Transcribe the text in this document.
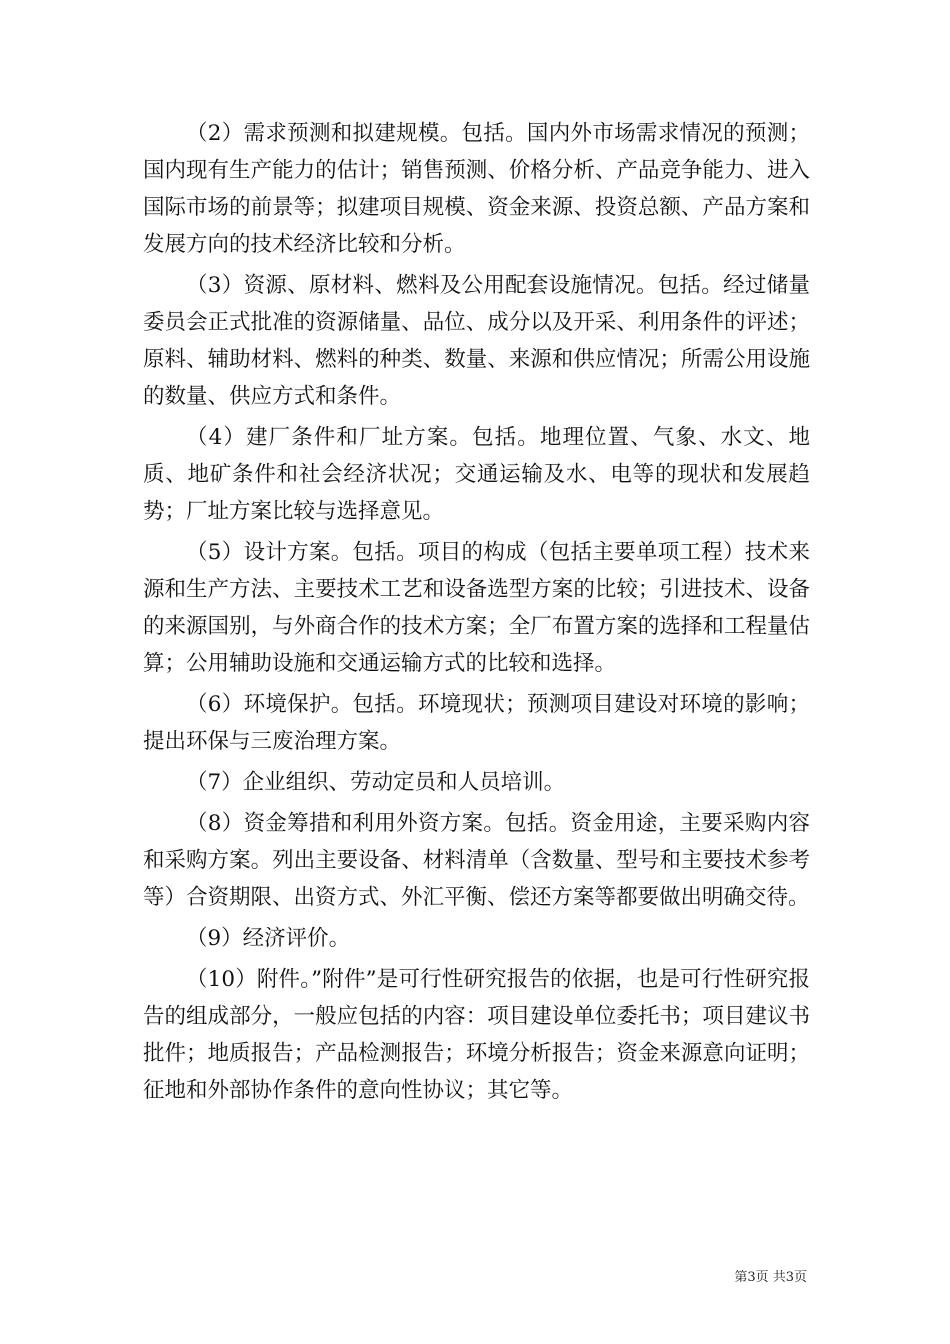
（2）需求预测和拟建规模。包括。国内外市场需求情况的预测；国内现有生产能力的估计；销售预测、价格分析、产品竞争能力、进入国际市场的前景等；拟建项目规模、资金来源、投资总额、产品方案和发展方向的技术经济比较和分析。

（3）资源、原材料、燃料及公用配套设施情况。包括。经过储量委员会正式批准的资源储量、品位、成分以及开采、利用条件的评述；原料、辅助材料、燃料的种类、数量、来源和供应情况；所需公用设施的数量、供应方式和条件。

（4）建厂条件和厂址方案。包括。地理位置、气象、水文、地质、地矿条件和社会经济状况；交通运输及水、电等的现状和发展趋势；厂址方案比较与选择意见。

（5）设计方案。包括。项目的构成（包括主要单项工程）技术来源和生产方法、主要技术工艺和设备选型方案的比较；引进技术、设备的来源国别，与外商合作的技术方案；全厂布置方案的选择和工程量估算；公用辅助设施和交通运输方式的比较和选择。

（6）环境保护。包括。环境现状；预测项目建设对环境的影响；提出环保与三废治理方案。

（7）企业组织、劳动定员和人员培训。

（8）资金筹措和利用外资方案。包括。资金用途，主要采购内容和采购方案。列出主要设备、材料清单（含数量、型号和主要技术参考等）合资期限、出资方式、外汇平衡、偿还方案等都要做出明确交待。

（9）经济评价。

（10）附件。”附件”是可行性研究报告的依据，也是可行性研究报告的组成部分，一般应包括的内容：项目建设单位委托书；项目建议书批件；地质报告；产品检测报告；环境分析报告；资金来源意向证明；征地和外部协作条件的意向性协议；其它等。

第3页 共3页
